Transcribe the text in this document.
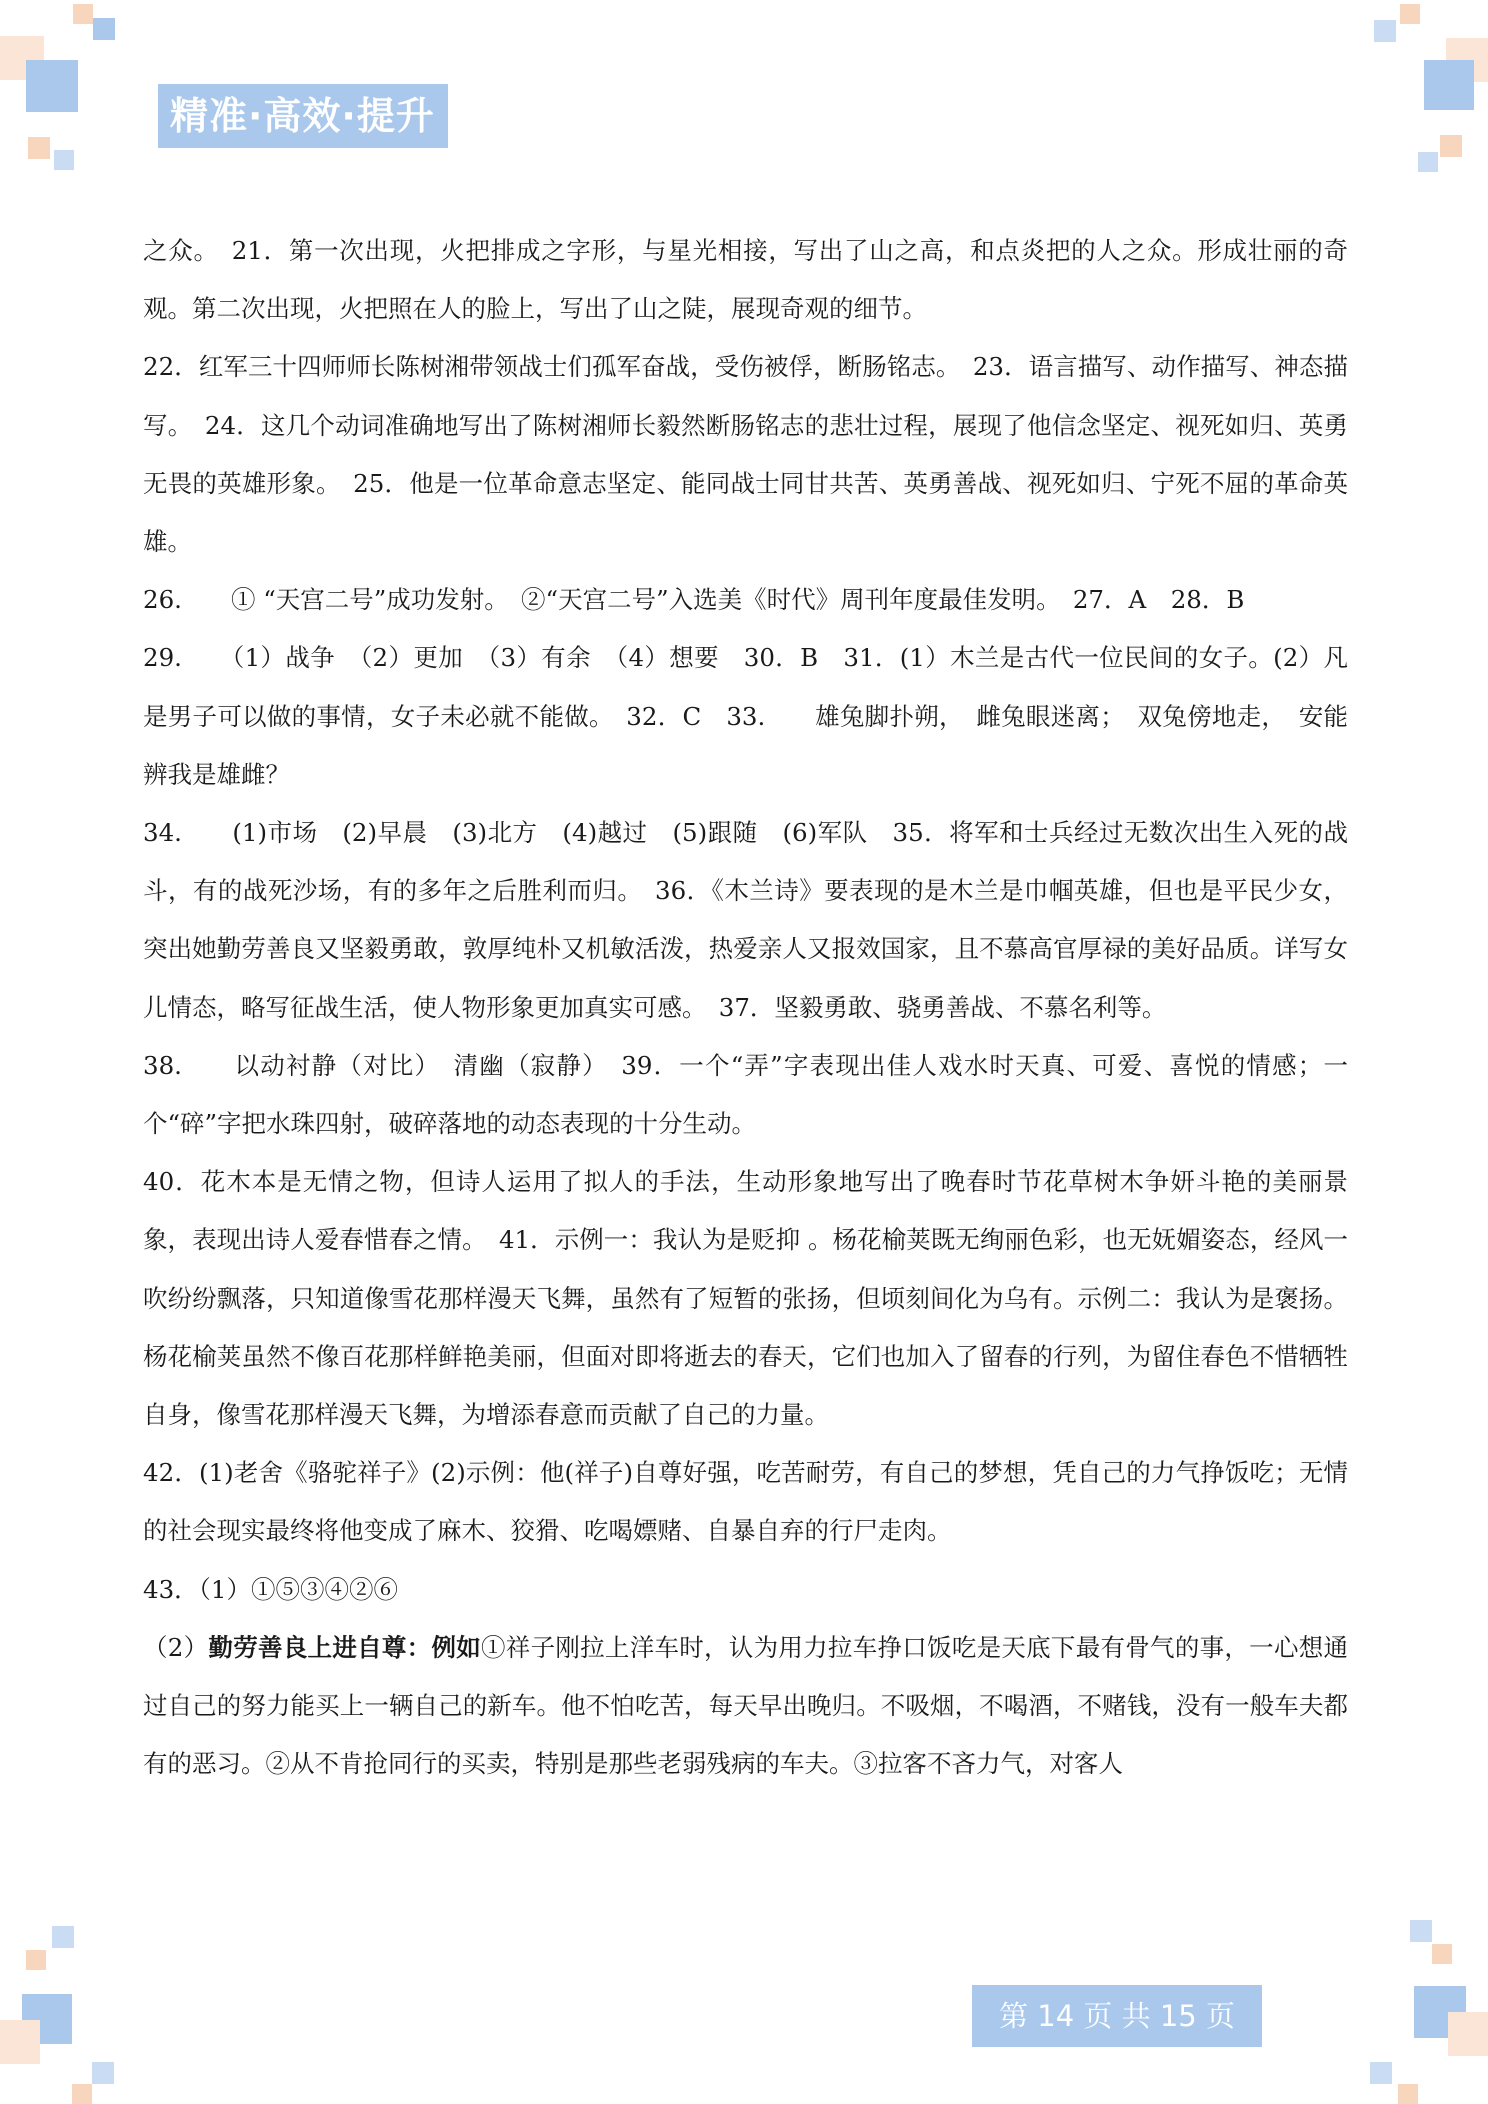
精准·高效·提升

之众。　21．第一次出现，火把排成之字形，与星光相接，写出了山之高，和点炎把的人之众。形成壮丽的奇观。第二次出现，火把照在人的脸上，写出了山之陡，展现奇观的细节。

22．红军三十四师师长陈树湘带领战士们孤军奋战，受伤被俘，断肠铭志。　23．语言描写、动作描写、神态描写。　24．这几个动词准确地写出了陈树湘师长毅然断肠铭志的悲壮过程，展现了他信念坚定、视死如归、英勇无畏的英雄形象。　25．他是一位革命意志坚定、能同战士同甘共苦、英勇善战、视死如归、宁死不屈的革命英雄。

26.　　① “天宫二号”成功发射。　②“天宫二号”入选美《时代》周刊年度最佳发明。　27．A　28．B

29.　　（1）战争　（2）更加　（3）有余　（4）想要　30．B　31．(1）木兰是古代一位民间的女子。(2）凡是男子可以做的事情，女子未必就不能做。　32．C　33.　　雄兔脚扑朔，　雌兔眼迷离；　双兔傍地走，　安能辨我是雄雌？

34.　　(1)市场　(2)早晨　(3)北方　(4)越过　(5)跟随　(6)军队　35．将军和士兵经过无数次出生入死的战斗，有的战死沙场，有的多年之后胜利而归。　36．《木兰诗》要表现的是木兰是巾帼英雄，但也是平民少女，突出她勤劳善良又坚毅勇敢，敦厚纯朴又机敏活泼，热爱亲人又报效国家，且不慕高官厚禄的美好品质。详写女儿情态，略写征战生活，使人物形象更加真实可感。　37．坚毅勇敢、骁勇善战、不慕名利等。

38.　　以动衬静（对比）　清幽（寂静）　39．一个“弄”字表现出佳人戏水时天真、可爱、喜悦的情感；一个“碎”字把水珠四射，破碎落地的动态表现的十分生动。

40．花木本是无情之物，但诗人运用了拟人的手法，生动形象地写出了晚春时节花草树木争妍斗艳的美丽景象，表现出诗人爱春惜春之情。　41．示例一：我认为是贬抑 。杨花榆荚既无绚丽色彩，也无妩媚姿态，经风一吹纷纷飘落，只知道像雪花那样漫天飞舞，虽然有了短暂的张扬，但顷刻间化为乌有。示例二：我认为是褒扬。杨花榆荚虽然不像百花那样鲜艳美丽，但面对即将逝去的春天，它们也加入了留春的行列，为留住春色不惜牺牲自身，像雪花那样漫天飞舞，为增添春意而贡献了自己的力量。

42．(1)老舍《骆驼祥子》(2)示例：他(祥子)自尊好强，吃苦耐劳，有自己的梦想，凭自己的力气挣饭吃；无情的社会现实最终将他变成了麻木、狡猾、吃喝嫖赌、自暴自弃的行尸走肉。

43．（1）①⑤③④②⑥

（2）勤劳善良上进自尊：例如①祥子刚拉上洋车时，认为用力拉车挣口饭吃是天底下最有骨气的事，一心想通过自己的努力能买上一辆自己的新车。他不怕吃苦，每天早出晚归。不吸烟，不喝酒，不赌钱，没有一般车夫都有的恶习。②从不肯抢同行的买卖，特别是那些老弱残病的车夫。③拉客不吝力气，对客人

第 14 页 共 15 页
